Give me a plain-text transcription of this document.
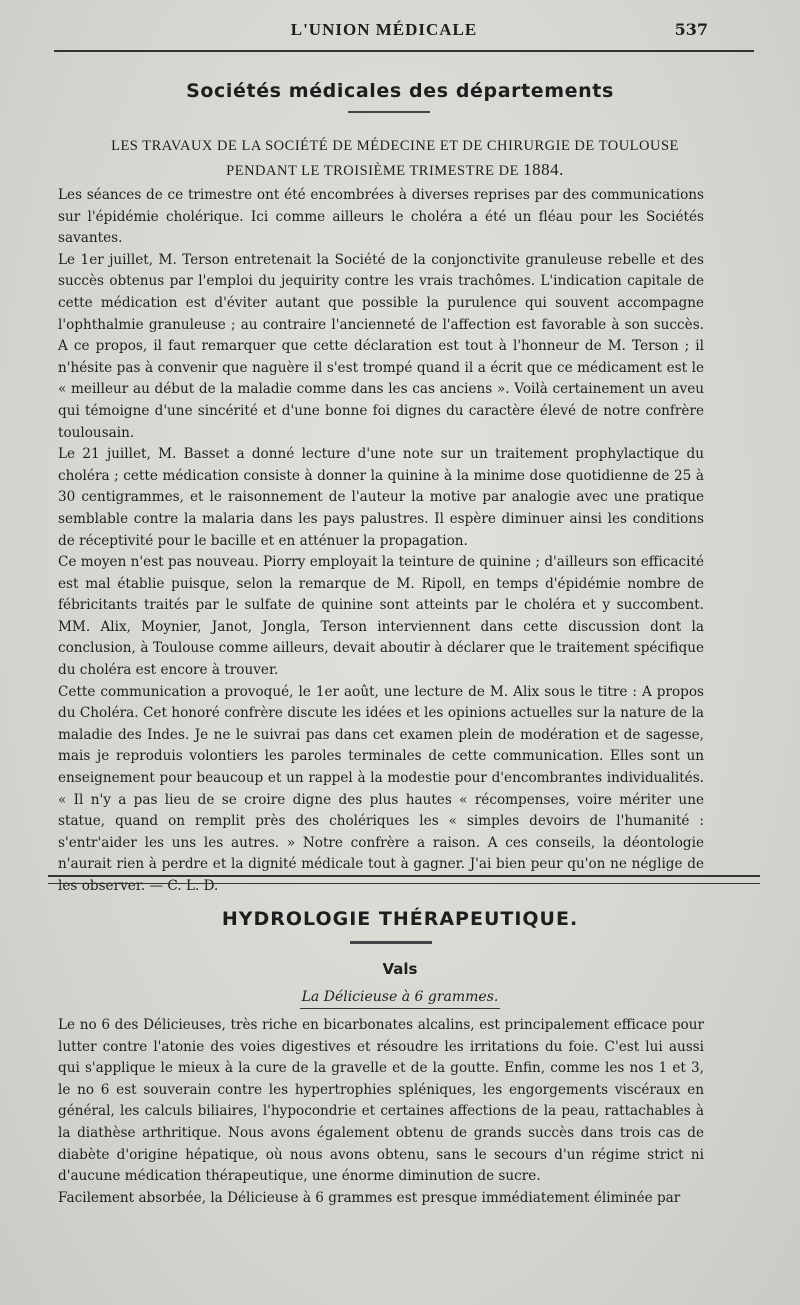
L'UNION MÉDICALE	537
Sociétés médicales des départements
LES TRAVAUX DE LA SOCIÉTÉ DE MÉDECINE ET DE CHIRURGIE DE TOULOUSE
PENDANT LE TROISIÈME TRIMESTRE DE 1884.

Les séances de ce trimestre ont été encombrées à diverses reprises par des communications sur l'épidémie cholérique. Ici comme ailleurs le choléra a été un fléau pour les Sociétés savantes.

Le 1er juillet, M. Terson entretenait la Société de la conjonctivite granuleuse rebelle et des succès obtenus par l'emploi du jequirity contre les vrais trachômes. L'indication capitale de cette médication est d'éviter autant que possible la purulence qui souvent accompagne l'ophthalmie granuleuse ; au contraire l'ancienneté de l'affection est favorable à son succès. A ce propos, il faut remarquer que cette déclaration est tout à l'honneur de M. Terson ; il n'hésite pas à convenir que naguère il s'est trompé quand il a écrit que ce médicament est le « meilleur au début de la maladie comme dans les cas anciens ». Voilà certainement un aveu qui témoigne d'une sincérité et d'une bonne foi dignes du caractère élevé de notre confrère toulousain.

Le 21 juillet, M. Basset a donné lecture d'une note sur un traitement prophylactique du choléra ; cette médication consiste à donner la quinine à la minime dose quotidienne de 25 à 30 centigrammes, et le raisonnement de l'auteur la motive par analogie avec une pratique semblable contre la malaria dans les pays palustres. Il espère diminuer ainsi les conditions de réceptivité pour le bacille et en atténuer la propagation.

Ce moyen n'est pas nouveau. Piorry employait la teinture de quinine ; d'ailleurs son efficacité est mal établie puisque, selon la remarque de M. Ripoll, en temps d'épidémie nombre de fébricitants traités par le sulfate de quinine sont atteints par le choléra et y succombent. MM. Alix, Moynier, Janot, Jongla, Terson interviennent dans cette discussion dont la conclusion, à Toulouse comme ailleurs, devait aboutir à déclarer que le traitement spécifique du choléra est encore à trouver.

Cette communication a provoqué, le 1er août, une lecture de M. Alix sous le titre : A propos du Choléra. Cet honoré confrère discute les idées et les opinions actuelles sur la nature de la maladie des Indes. Je ne le suivrai pas dans cet examen plein de modération et de sagesse, mais je reproduis volontiers les paroles terminales de cette communication. Elles sont un enseignement pour beaucoup et un rappel à la modestie pour d'encombrantes individualités. « Il n'y a pas lieu de se croire digne des plus hautes « récompenses, voire mériter une statue, quand on remplit près des cholériques les « simples devoirs de l'humanité : s'entr'aider les uns les autres. » Notre confrère a raison. A ces conseils, la déontologie n'aurait rien à perdre et la dignité médicale tout à gagner. J'ai bien peur qu'on ne néglige de les observer. — C. L. D.

HYDROLOGIE THÉRAPEUTIQUE.
Vals
La Délicieuse à 6 grammes.

Le no 6 des Délicieuses, très riche en bicarbonates alcalins, est principalement efficace pour lutter contre l'atonie des voies digestives et résoudre les irritations du foie. C'est lui aussi qui s'applique le mieux à la cure de la gravelle et de la goutte. Enfin, comme les nos 1 et 3, le no 6 est souverain contre les hypertrophies spléniques, les engorgements viscéraux en général, les calculs biliaires, l'hypocondrie et certaines affections de la peau, rattachables à la diathèse arthritique. Nous avons également obtenu de grands succès dans trois cas de diabète d'origine hépatique, où nous avons obtenu, sans le secours d'un régime strict ni d'aucune médication thérapeutique, une énorme diminution de sucre.

Facilement absorbée, la Délicieuse à 6 grammes est presque immédiatement éliminée par
